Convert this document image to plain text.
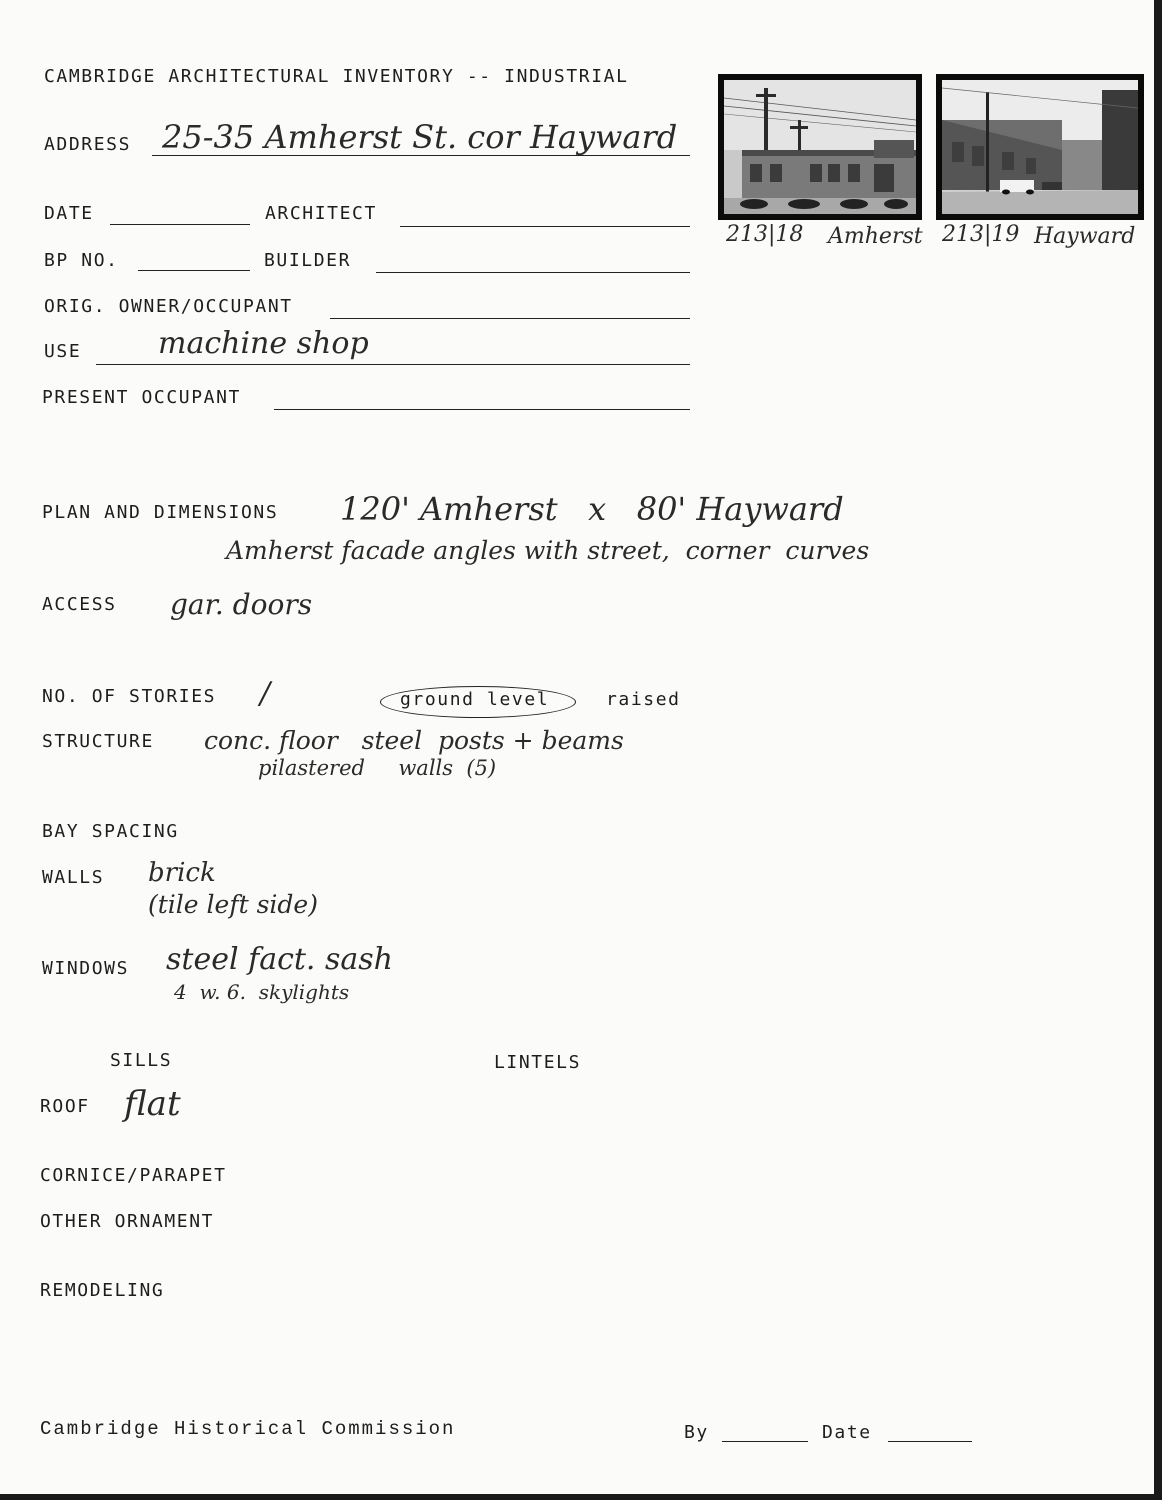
CAMBRIDGE ARCHITECTURAL INVENTORY -- INDUSTRIAL
213|18 Amherst 213|19 Hayward
ADDRESS 25-35 Amherst St. cor Hayward
DATE	ARCHITECT
BP NO.	BUILDER
ORIG. OWNER/OCCUPANT
USE	machine shop
PRESENT OCCUPANT
PLAN AND DIMENSIONS 120' Amherst   x   80' Hayward
Amherst facade angles with street,  corner  curves
ACCESS gar. doors
NO. OF STORIES /	ground level	raised
STRUCTURE conc. floor   steel  posts + beams
pilastered     walls  (5)
BAY SPACING
WALLS brick
(tile left side)
WINDOWS steel fact. sash
4  w. 6.  skylights
SILLS	LINTELS
ROOF flat
CORNICE/PARAPET
OTHER ORNAMENT
REMODELING
Cambridge Historical Commission	By	Date
